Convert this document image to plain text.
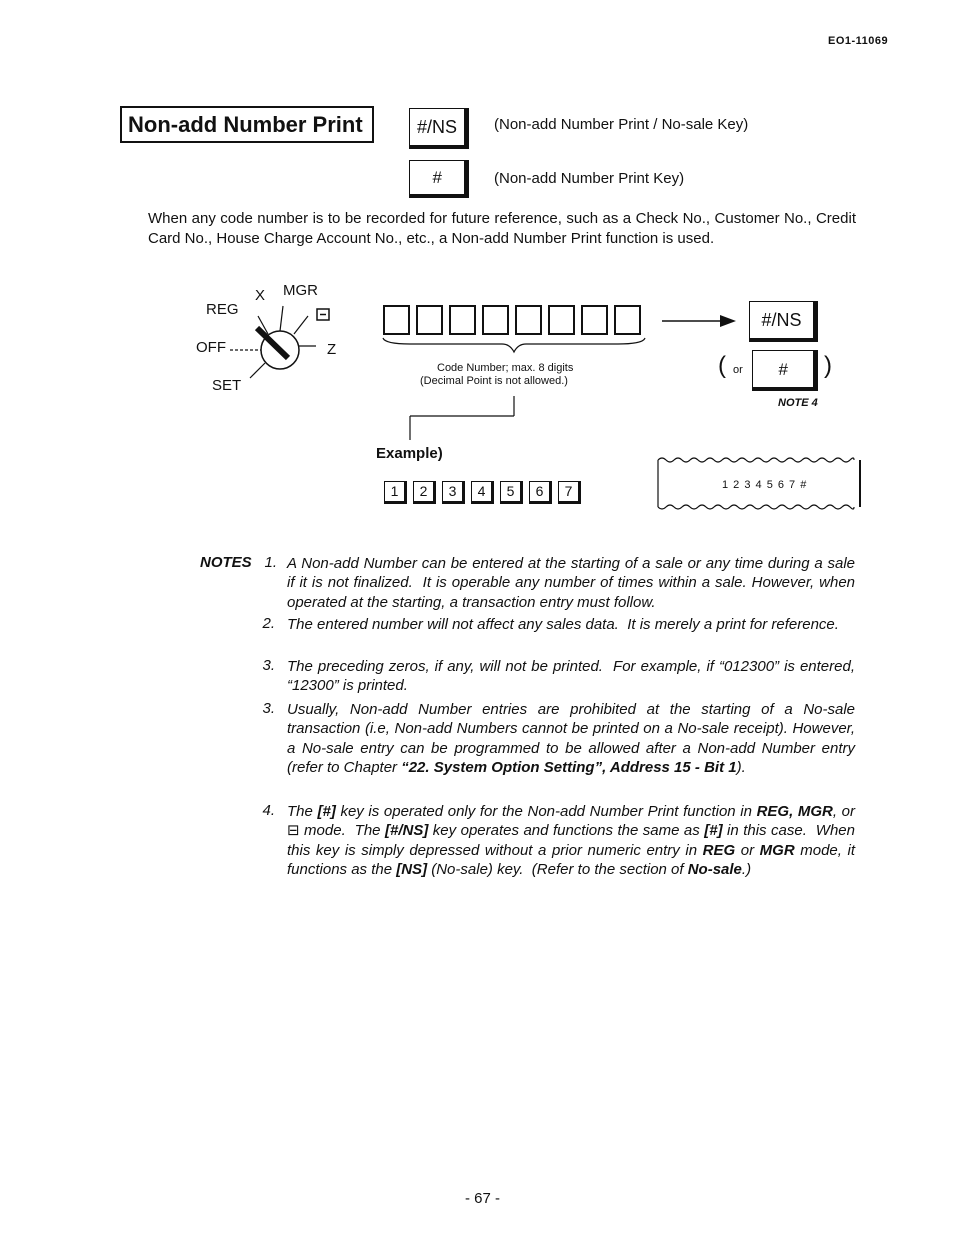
EO1-11069
Non-add Number Print	#/NS	(Non-add Number Print / No-sale Key)
#	(Non-add Number Print Key)
When any code number is to be recorded for future reference, such as a Check No., Customer No., Credit Card No., House Charge Account No., etc., a Non-add Number Print function is used.
X MGR
REG
OFF	Z
SET
Code Number; max. 8 digits
(Decimal Point is not allowed.)
#/NS
( or	#	)
NOTE 4
Example)
1	2	3	4	5	6	7	1 2 3 4 5 6 7 #
NOTES 1. A Non-add Number can be entered at the starting of a sale or any time during a sale if it is not finalized.  It is operable any number of times within a sale. However, when operated at the starting, a transaction entry must follow.
2. The entered number will not affect any sales data.  It is merely a print for reference.
3. The preceding zeros, if any, will not be printed.  For example, if “012300” is entered, “12300” is printed.
3. Usually, Non-add Number entries are prohibited at the starting of a No-sale transaction (i.e, Non-add Numbers cannot be printed on a No-sale receipt). However, a No-sale entry can be programmed to be allowed after a Non-add Number entry (refer to Chapter “22. System Option Setting”, Address 15 - Bit 1).
4. The [#] key is operated only for the Non-add Number Print function in REG, MGR, or ⊟ mode.  The [#/NS] key operates and functions the same as [#] in this case.  When this key is simply depressed without a prior numeric entry in REG or MGR mode, it functions as the [NS] (No-sale) key.  (Refer to the section of No-sale.)
- 67 -
